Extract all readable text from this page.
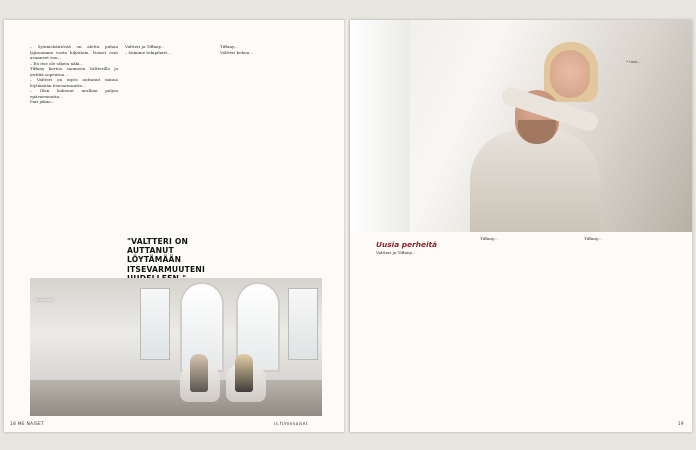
– Syömishäiriöstä on alettu puhua lajissamme vasta hiljattain. Naiset ovat avanneet suu...

– En itse ole oikein näki...

Tiffany kertoo suomeen Valtterilla ja yrittää sopeutua...

– Valtteri on myös auttanut minua löytämään itsevarmuutta...

– Olen kokenut urallani paljon epävarmuutta...

Pari jakaa...

Valtteri ja Tiffany...

– Saimme tukipilarit...

"VALTTERI ON AUTTANUT LÖYTÄMÄÄN ITSEVARMUUTENI

Tiffany...

Valtteri kehuu...

Pariskunta...
18 ME NAISET	is.fi/menaiset
• Uusi...
Uusia perheitä

Valtteri ja Tiffany...

Tiffany...	Tiffany...

19
